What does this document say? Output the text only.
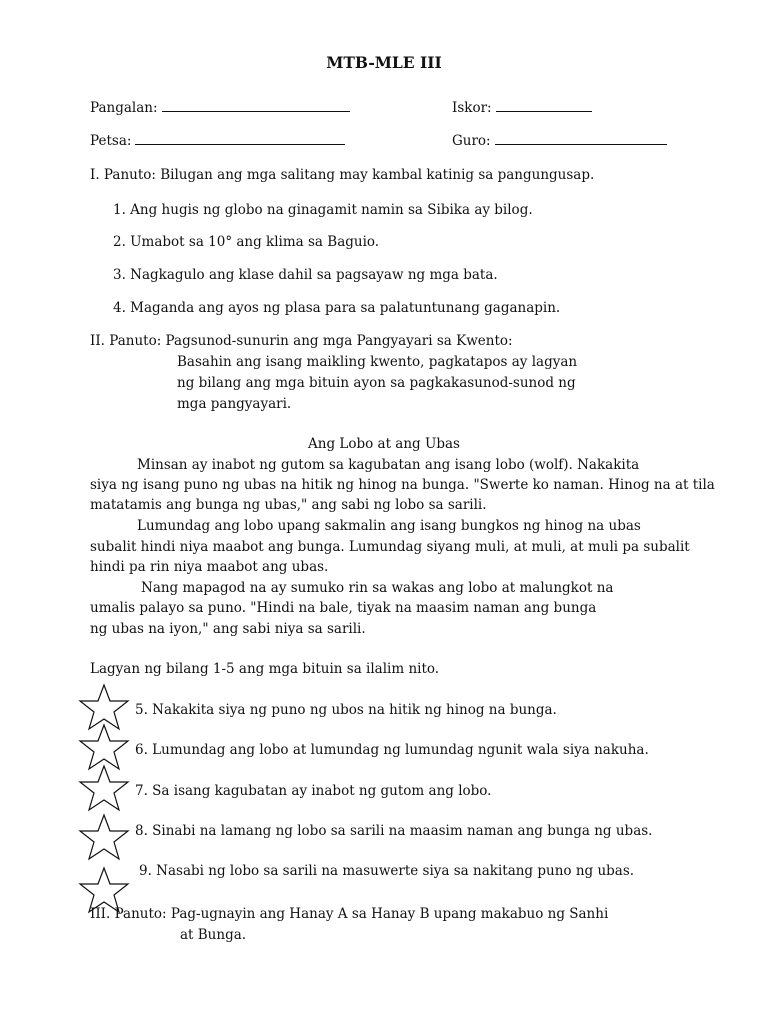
MTB-MLE III
Pangalan:	Iskor:
Petsa:	Guro:
I. Panuto: Bilugan ang mga salitang may kambal katinig sa pangungusap.
1. Ang hugis ng globo na ginagamit namin sa Sibika ay bilog.
2. Umabot sa 10° ang klima sa Baguio.
3. Nagkagulo ang klase dahil sa pagsayaw ng mga bata.
4. Maganda ang ayos ng plasa para sa palatuntunang gaganapin.
II. Panuto: Pagsunod-sunurin ang mga Pangyayari sa Kwento:
Basahin ang isang maikling kwento, pagkatapos ay lagyan
ng bilang ang mga bituin ayon sa pagkakasunod-sunod ng
mga pangyayari.
Ang Lobo at ang Ubas
Minsan ay inabot ng gutom sa kagubatan ang isang lobo (wolf). Nakakita
siya ng isang puno ng ubas na hitik ng hinog na bunga. "Swerte ko naman. Hinog na at tila
matatamis ang bunga ng ubas," ang sabi ng lobo sa sarili.
Lumundag ang lobo upang sakmalin ang isang bungkos ng hinog na ubas
subalit hindi niya maabot ang bunga. Lumundag siyang muli, at muli, at muli pa subalit
hindi pa rin niya maabot ang ubas.
Nang mapagod na ay sumuko rin sa wakas ang lobo at malungkot na
umalis palayo sa puno. "Hindi na bale, tiyak na maasim naman ang bunga
ng ubas na iyon," ang sabi niya sa sarili.
Lagyan ng bilang 1-5 ang mga bituin sa ilalim nito.
5. Nakakita siya ng puno ng ubos na hitik ng hinog na bunga.
6. Lumundag ang lobo at lumundag ng lumundag ngunit wala siya nakuha.
7. Sa isang kagubatan ay inabot ng gutom ang lobo.
8. Sinabi na lamang ng lobo sa sarili na maasim naman ang bunga ng ubas.
9. Nasabi ng lobo sa sarili na masuwerte siya sa nakitang puno ng ubas.
III. Panuto: Pag-ugnayin ang Hanay A sa Hanay B upang makabuo ng Sanhi
at Bunga.
